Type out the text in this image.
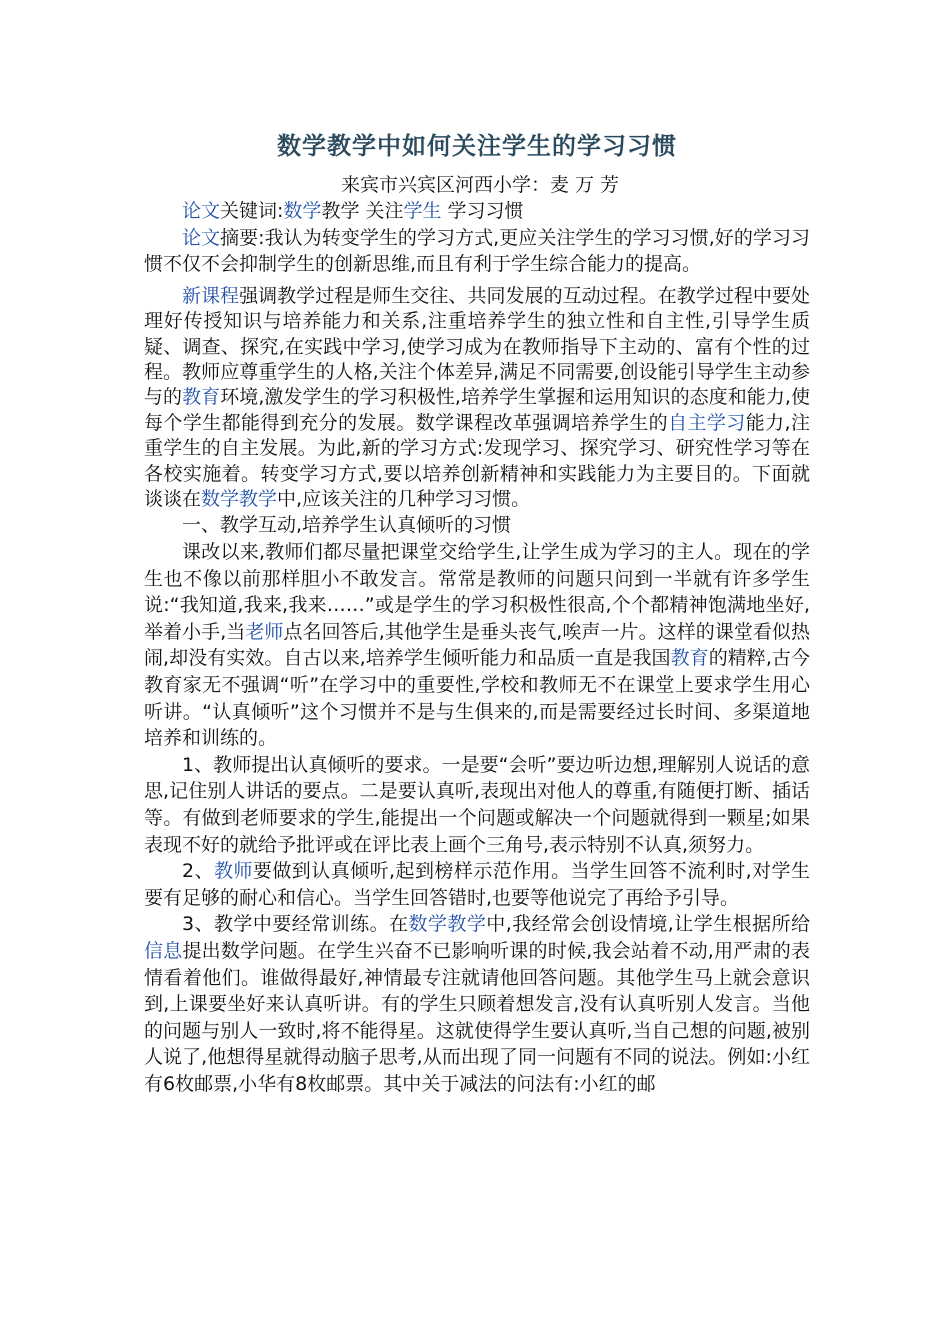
数学教学中如何关注学生的学习习惯

来宾市兴宾区河西小学：麦 万 芳

论文关键词:数学教学 关注学生 学习习惯

论文摘要:我认为转变学生的学习方式,更应关注学生的学习习惯,好的学习习惯不仅不会抑制学生的创新思维,而且有利于学生综合能力的提高。

新课程强调教学过程是师生交往、共同发展的互动过程。在教学过程中要处理好传授知识与培养能力和关系,注重培养学生的独立性和自主性,引导学生质疑、调查、探究,在实践中学习,使学习成为在教师指导下主动的、富有个性的过程。教师应尊重学生的人格,关注个体差异,满足不同需要,创设能引导学生主动参与的教育环境,激发学生的学习积极性,培养学生掌握和运用知识的态度和能力,使每个学生都能得到充分的发展。数学课程改革强调培养学生的自主学习能力,注重学生的自主发展。为此,新的学习方式:发现学习、探究学习、研究性学习等在各校实施着。转变学习方式,要以培养创新精神和实践能力为主要目的。下面就谈谈在数学教学中,应该关注的几种学习习惯。

一、教学互动,培养学生认真倾听的习惯

课改以来,教师们都尽量把课堂交给学生,让学生成为学习的主人。现在的学生也不像以前那样胆小不敢发言。常常是教师的问题只问到一半就有许多学生说:“我知道,我来,我来……”或是学生的学习积极性很高,个个都精神饱满地坐好,举着小手,当老师点名回答后,其他学生是垂头丧气,唉声一片。这样的课堂看似热闹,却没有实效。自古以来,培养学生倾听能力和品质一直是我国教育的精粹,古今教育家无不强调“听”在学习中的重要性,学校和教师无不在课堂上要求学生用心听讲。“认真倾听”这个习惯并不是与生俱来的,而是需要经过长时间、多渠道地培养和训练的。

1、教师提出认真倾听的要求。一是要“会听”要边听边想,理解别人说话的意思,记住别人讲话的要点。二是要认真听,表现出对他人的尊重,有随便打断、插话等。有做到老师要求的学生,能提出一个问题或解决一个问题就得到一颗星;如果表现不好的就给予批评或在评比表上画个三角号,表示特别不认真,须努力。

2、教师要做到认真倾听,起到榜样示范作用。当学生回答不流利时,对学生要有足够的耐心和信心。当学生回答错时,也要等他说完了再给予引导。

3、教学中要经常训练。在数学教学中,我经常会创设情境,让学生根据所给信息提出数学问题。在学生兴奋不已影响听课的时候,我会站着不动,用严肃的表情看着他们。谁做得最好,神情最专注就请他回答问题。其他学生马上就会意识到,上课要坐好来认真听讲。有的学生只顾着想发言,没有认真听别人发言。当他的问题与别人一致时,将不能得星。这就使得学生要认真听,当自己想的问题,被别人说了,他想得星就得动脑子思考,从而出现了同一问题有不同的说法。例如:小红有6枚邮票,小华有8枚邮票。其中关于减法的问法有:小红的邮
